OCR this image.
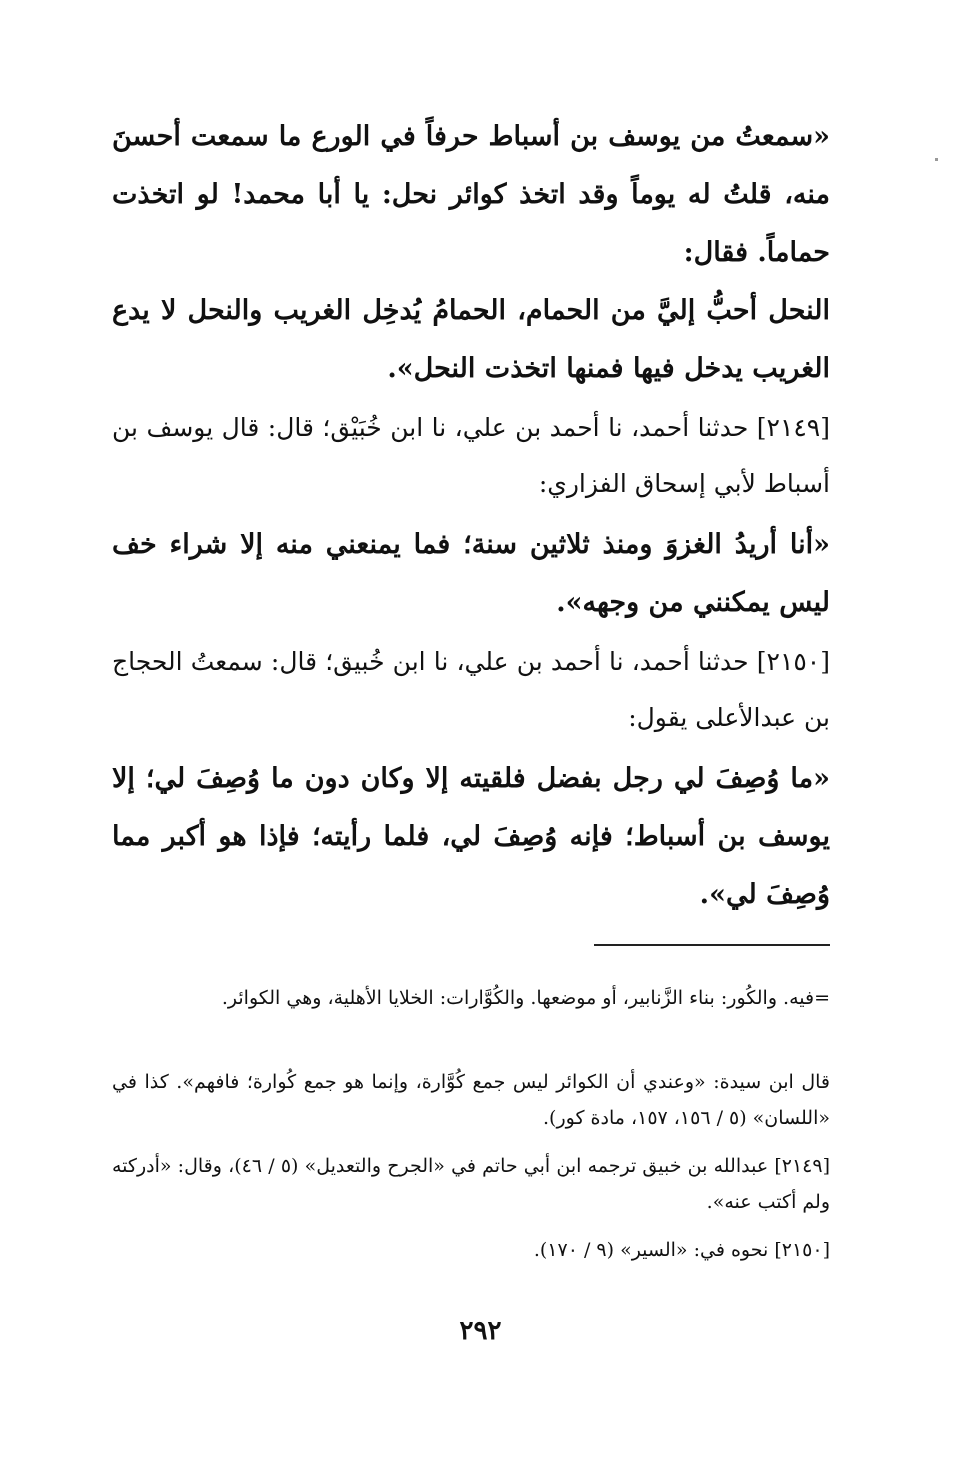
«سمعتُ من يوسف بن أسباط حرفاً في الورع ما سمعت أحسنَ منه، قلتُ له يوماً وقد اتخذ كوائر نحل: يا أبا محمد! لو اتخذت حماماً. فقال:

النحل أحبُّ إليَّ من الحمام، الحمامُ يُدخِل الغريب والنحل لا يدع الغريب يدخل فيها فمنها اتخذت النحل».

[٢١٤٩] حدثنا أحمد، نا أحمد بن علي، نا ابن خُبَيْق؛ قال: قال يوسف بن أسباط لأبي إسحاق الفزاري:

«أنا أريدُ الغزوَ ومنذ ثلاثين سنة؛ فما يمنعني منه إلا شراء خف ليس يمكنني من وجهه».

[٢١٥٠] حدثنا أحمد، نا أحمد بن علي، نا ابن خُبيق؛ قال: سمعتُ الحجاج بن عبدالأعلى يقول:

«ما وُصِفَ لي رجل بفضل فلقيته إلا وكان دون ما وُصِفَ لي؛ إلا يوسف بن أسباط؛ فإنه وُصِفَ لي، فلما رأيته؛ فإذا هو أكبر مما وُصِفَ لي».

=فيه. والكُور: بناء الزَّنابير، أو موضعها. والكُوَّارات: الخلايا الأهلية، وهي الكوائر.

قال ابن سيدة: «وعندي أن الكوائر ليس جمع كُوَّارة، وإنما هو جمع كُوارة؛ فافهم». كذا في «اللسان» (٥ / ١٥٦، ١٥٧، مادة كور).

[٢١٤٩] عبدالله بن خبيق ترجمه ابن أبي حاتم في «الجرح والتعديل» (٥ / ٤٦)، وقال: «أدركته ولم أكتب عنه».

[٢١٥٠] نحوه في: «السير» (٩ / ١٧٠).

٢٩٢
